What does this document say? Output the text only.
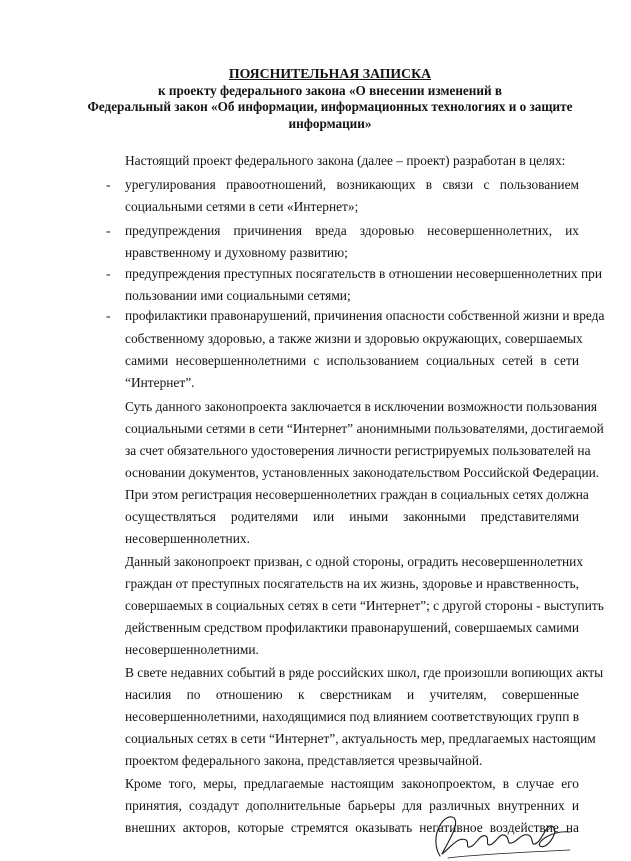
ПОЯСНИТЕЛЬНАЯ ЗАПИСКА
к проекту федерального закона «О внесении изменений в
Федеральный закон «Об информации, информационных технологиях и о защите
информации»
Настоящий проект федерального закона (далее – проект) разработан в целях:
- урегулирования правоотношений, возникающих в связи с пользованием
социальными сетями в сети «Интернет»;
- предупреждения причинения вреда здоровью несовершеннолетних, их
нравственному и духовному развитию;
- предупреждения преступных посягательств в отношении несовершеннолетних при
пользовании ими социальными сетями;
- профилактики правонарушений, причинения опасности собственной жизни и вреда
собственному здоровью, а также жизни и здоровью окружающих, совершаемых
самими несовершеннолетними с использованием социальных сетей в сети
“Интернет”.
Суть данного законопроекта заключается в исключении возможности пользования
социальными сетями в сети “Интернет” анонимными пользователями, достигаемой
за счет обязательного удостоверения личности регистрируемых пользователей на
основании документов, установленных законодательством Российской Федерации.
При этом регистрация несовершеннолетних граждан в социальных сетях должна
осуществляться родителями или иными законными представителями
несовершеннолетних.
Данный законопроект призван, с одной стороны, оградить несовершеннолетних
граждан от преступных посягательств на их жизнь, здоровье и нравственность,
совершаемых в социальных сетях в сети “Интернет”; с другой стороны - выступить
действенным средством профилактики правонарушений, совершаемых самими
несовершеннолетними.
В свете недавних событий в ряде российских школ, где произошли вопиющих акты
насилия по отношению к сверстникам и учителям, совершенные
несовершеннолетними, находящимися под влиянием соответствующих групп в
социальных сетях в сети “Интернет”, актуальность мер, предлагаемых настоящим
проектом федерального закона, представляется чрезвычайной.
Кроме того, меры, предлагаемые настоящим законопроектом, в случае его
принятия, создадут дополнительные барьеры для различных внутренних и
внешних акторов, которые стремятся оказывать негативное воздействие на
